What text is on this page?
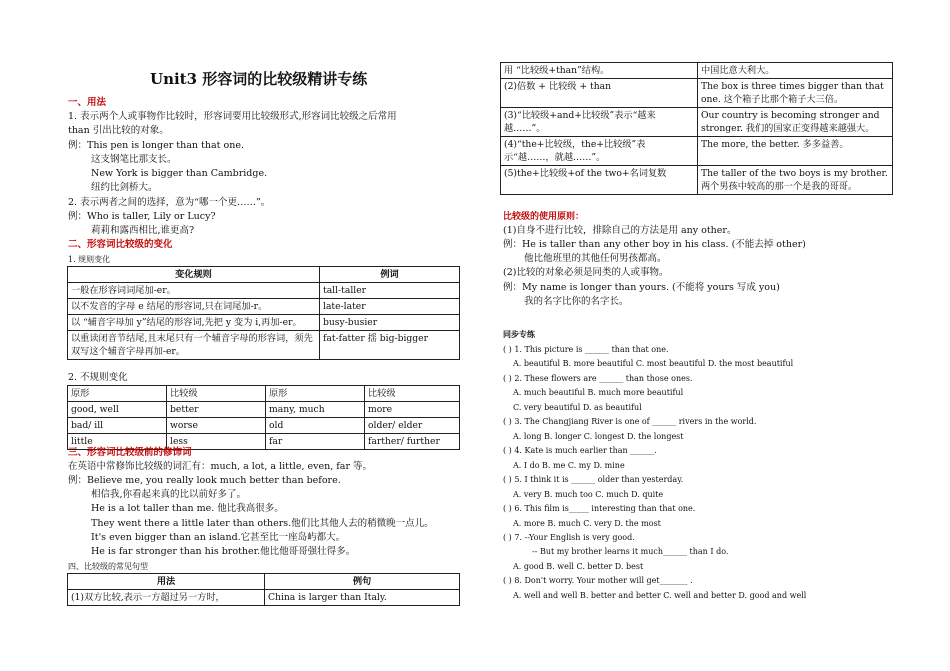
Unit3 形容词的比较级精讲专练
一、用法
1. 表示两个人或事物作比较时，形容词要用比较级形式,形容词比较级之后常用
than 引出比较的对象。
例：This pen is longer than that one.
这支钢笔比那支长。
New York is bigger than Cambridge.
纽约比剑桥大。
2. 表示两者之间的选择，意为“哪一个更……”。
例：Who is taller, Lily or Lucy?
莉莉和露西相比,谁更高?
二、形容词比较级的变化
1. 规则变化
变化规则	例词
一般在形容词词尾加-er。	tall-taller
以不发音的字母 e 结尾的形容词,只在词尾加-r。	late-later
以 “辅音字母加 y”结尾的形容词,先把 y 变为 i,再加-er。	busy-busier
以重读闭音节结尾,且末尾只有一个辅音字母的形容词，须先双写这个辅音字母再加-er。	fat-fatter 揺 big-bigger
2. 不规则变化
原形	比较级	原形	比较级
good, well	better	many, much	more
bad/ ill	worse	old	older/ elder
little	less	far	farther/ further
三、形容词比较级前的修饰词
在英语中常修饰比较级的词汇有：much, a lot, a little, even, far 等。
例：Believe me, you really look much better than before.
相信我,你看起来真的比以前好多了。
He is a lot taller than me. 他比我高很多。
They went there a little later than others.他们比其他人去的稍微晚一点儿。
It's even bigger than an island.它甚至比一座岛屿都大。
He is far stronger than his brother.他比他哥哥强壮得多。
四、比较级的常见句型
用法	例句
(1)双方比较,表示一方超过另一方时，	China is larger than Italy.
用 “比较级+than”结构。	中国比意大利大。
(2)倍数 + 比较级 + than	The box is three times bigger than that one. 这个箱子比那个箱子大三倍。
(3)“比较级+and+比较级”表示“越来越……”。	Our country is becoming stronger and stronger. 我们的国家正变得越来越强大。
(4)“the+比较级，the+比较级”表示“越……，就越……”。	The more, the better. 多多益善。
(5)the+比较级+of the two+名词复数	The taller of the two boys is my brother. 两个男孩中较高的那一个是我的哥哥。
比较级的使用原则：
(1)自身不进行比较，排除自己的方法是用 any other。
例：He is taller than any other boy in his class. (不能去掉 other)
他比他班里的其他任何男孩都高。
(2)比较的对象必须是同类的人或事物。
例：My name is longer than yours. (不能将 yours 写成 you)
我的名字比你的名字长。
同步专练
( ) 1. This picture is ______ than that one.
A. beautiful B. more beautiful C. most beautiful D. the most beautiful
( ) 2. These flowers are ______ than those ones.
A. much beautiful B. much more beautiful
C. very beautiful D. as beautiful
( ) 3. The Changjiang River is one of ______ rivers in the world.
A. long B. longer C. longest D. the longest
( ) 4. Kate is much earlier than ______.
A. I do B. me C. my D. mine
( ) 5. I think it is ______ older than yesterday.
A. very B. much too C. much D. quite
( ) 6. This film is_____ interesting than that one.
A. more B. much C. very D. the most
( ) 7. --Your English is very good.
-- But my brother learns it much______ than I do.
A. good B. well C. better D. best
( ) 8. Don't worry. Your mother will get_______ .
A. well and well B. better and better C. well and better D. good and well
